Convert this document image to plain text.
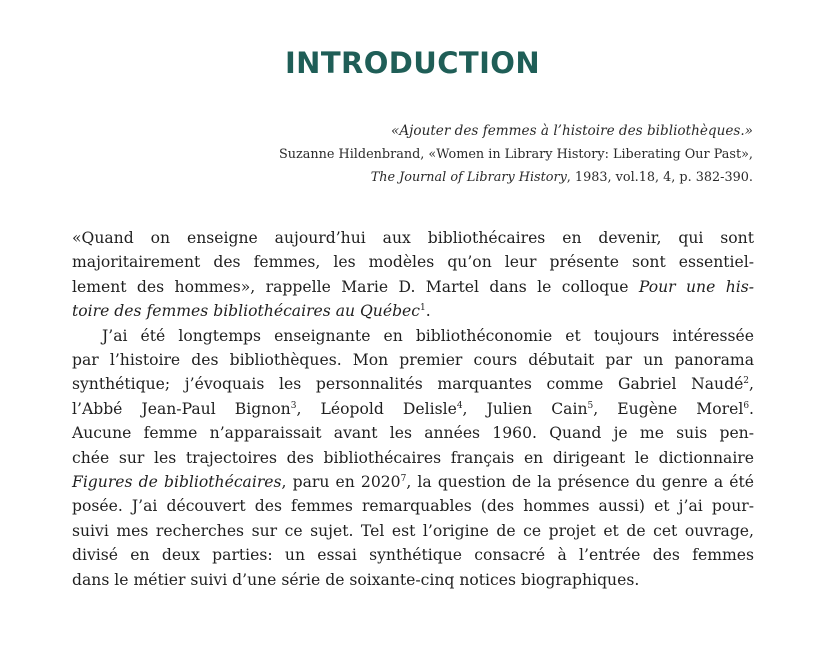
INTRODUCTION
«Ajouter des femmes à l’histoire des bibliothèques.»
Suzanne Hildenbrand, «Women in Library History: Liberating Our Past»,
The Journal of Library History, 1983, vol.18, 4, p. 382-390.
«Quand on enseigne aujourd’hui aux bibliothécaires en devenir, qui sont
majoritairement des femmes, les modèles qu’on leur présente sont essentiel-
lement des hommes», rappelle Marie D. Martel dans le colloque Pour une his-
toire des femmes bibliothécaires au Québec$^1$.
J’ai été longtemps enseignante en bibliothéconomie et toujours intéressée
par l’histoire des bibliothèques. Mon premier cours débutait par un panorama
synthétique; j’évoquais les personnalités marquantes comme Gabriel Naudé$^2$,
l’Abbé Jean-Paul Bignon$^3$, Léopold Delisle$^4$, Julien Cain$^5$, Eugène Morel$^6$.
Aucune femme n’apparaissait avant les années 1960. Quand je me suis pen-
chée sur les trajectoires des bibliothécaires français en dirigeant le dictionnaire
Figures de bibliothécaires, paru en 2020$^7$, la question de la présence du genre a été
posée. J’ai découvert des femmes remarquables (des hommes aussi) et j’ai pour-
suivi mes recherches sur ce sujet. Tel est l’origine de ce projet et de cet ouvrage,
divisé en deux parties: un essai synthétique consacré à l’entrée des femmes
dans le métier suivi d’une série de soixante-cinq notices biographiques.
